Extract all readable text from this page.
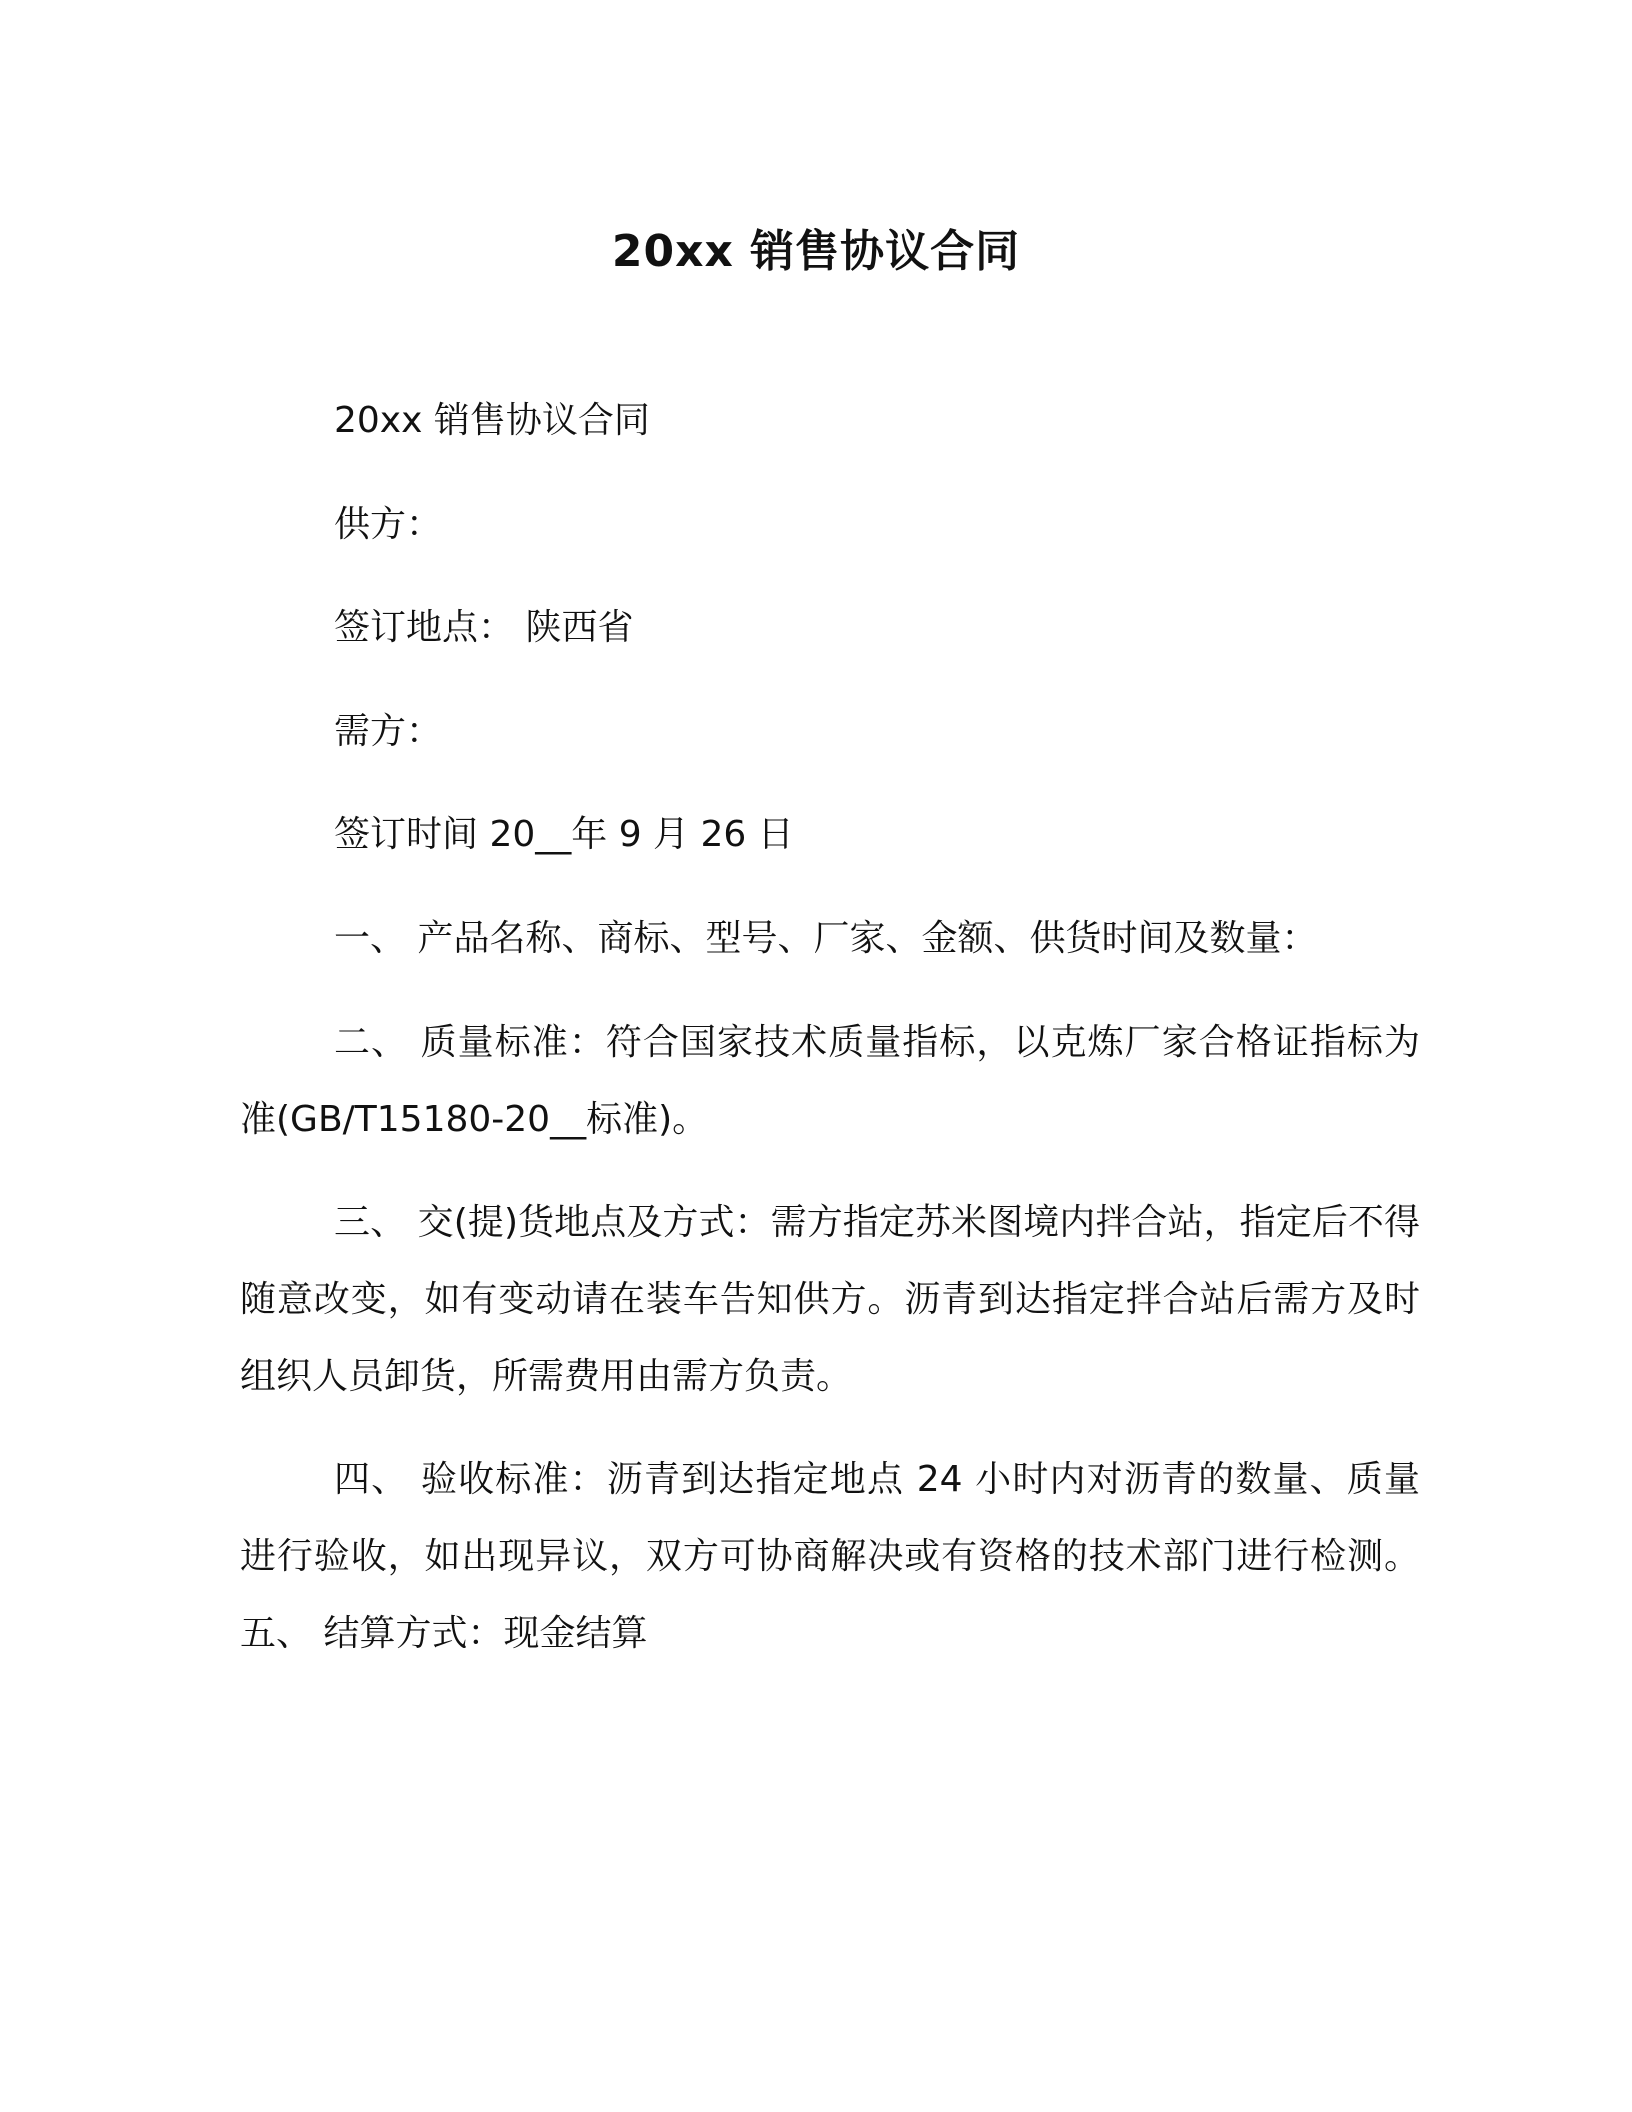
20xx 销售协议合同
20xx 销售协议合同
供方：
签订地点： 陕西省
需方：
签订时间 20__年 9 月 26 日
一、 产品名称、商标、型号、厂家、金额、供货时间及数量：

二、 质量标准：符合国家技术质量指标，以克炼厂家合格证指标为准(GB/T15180-20__标准)。

三、 交(提)货地点及方式：需方指定苏米图境内拌合站，指定后不得随意改变，如有变动请在装车告知供方。沥青到达指定拌合站后需方及时组织人员卸货，所需费用由需方负责。

四、 验收标准：沥青到达指定地点 24 小时内对沥青的数量、质量进行验收，如出现异议，双方可协商解决或有资格的技术部门进行检测。 五、 结算方式：现金结算
